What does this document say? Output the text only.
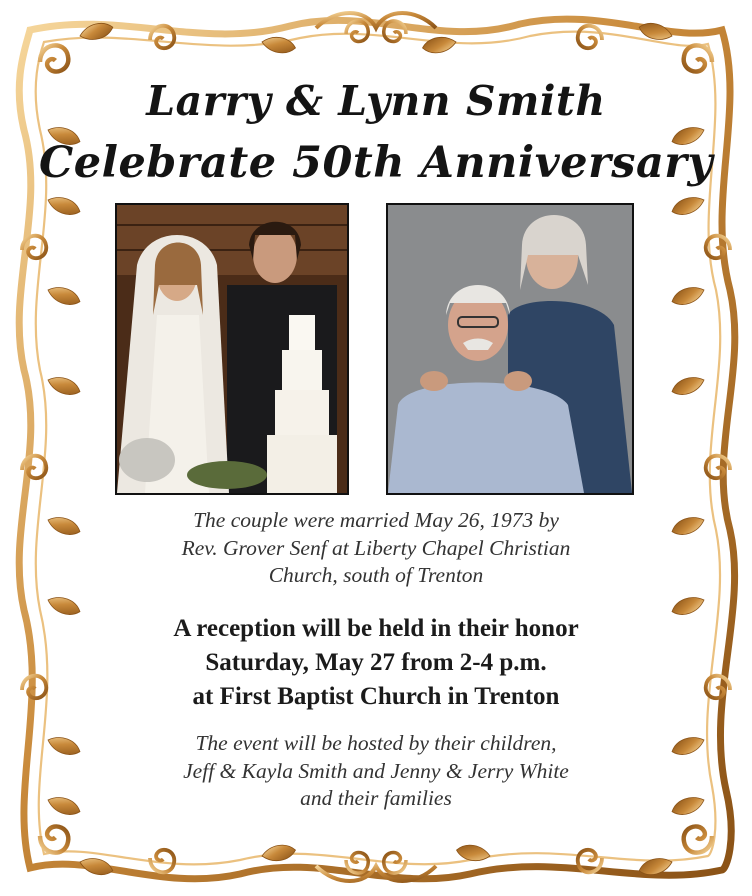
Larry & Lynn Smith
Celebrate 50th Anniversary
The couple were married May 26, 1973 by
Rev. Grover Senf at Liberty Chapel Christian
Church, south of Trenton
A reception will be held in their honor
Saturday, May 27 from 2-4 p.m.
at First Baptist Church in Trenton
The event will be hosted by their children,
Jeff & Kayla Smith and Jenny & Jerry White
and their families
